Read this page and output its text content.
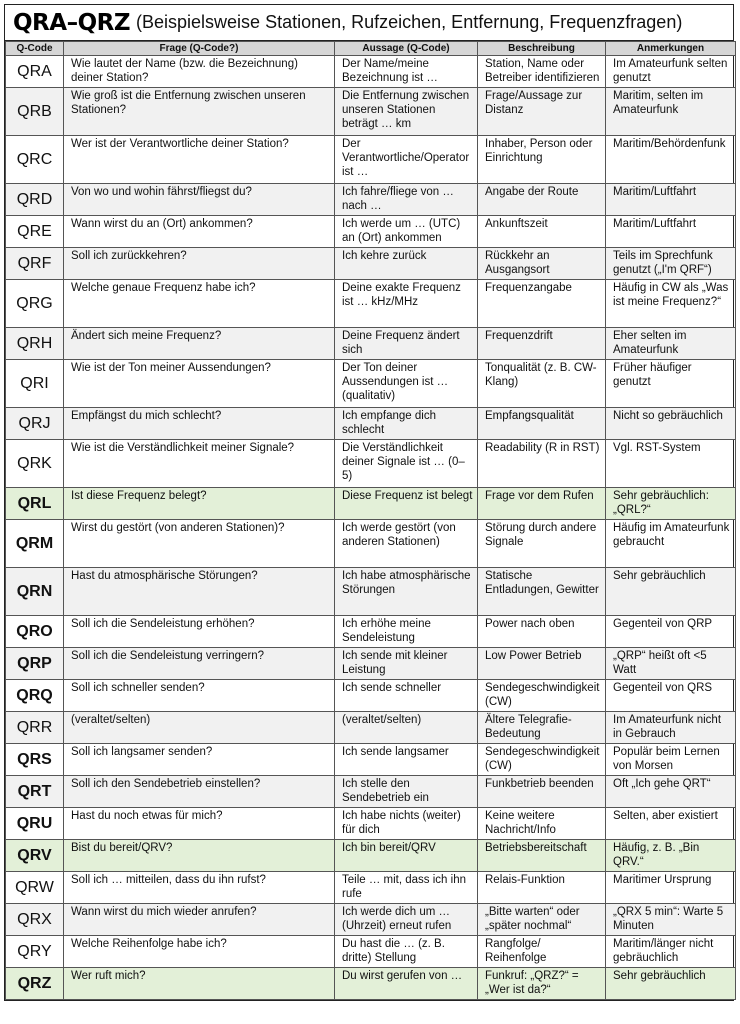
QRA–QRZ (Beispielsweise Stationen, Rufzeichen, Entfernung, Frequenzfragen)
Q-Code	Frage (Q-Code?)	Aussage (Q-Code)	Beschreibung	Anmerkungen
QRA	Wie lautet der Name (bzw. die Bezeichnung) deiner Station?	Der Name/meine Bezeichnung ist …	Station, Name oder Betreiber identifizieren	Im Amateurfunk selten genutzt
QRB	Wie groß ist die Entfernung zwischen unseren Stationen?	Die Entfernung zwischen unseren Stationen beträgt … km	Frage/Aussage zur Distanz	Maritim, selten im Amateurfunk
QRC	Wer ist der Verantwortliche deiner Station?	Der Verantwortliche/Operator ist …	Inhaber, Person oder Einrichtung	Maritim/Behördenfunk
QRD	Von wo und wohin fährst/fliegst du?	Ich fahre/fliege von … nach …	Angabe der Route	Maritim/Luftfahrt
QRE	Wann wirst du an (Ort) ankommen?	Ich werde um … (UTC) an (Ort) ankommen	Ankunftszeit	Maritim/Luftfahrt
QRF	Soll ich zurückkehren?	Ich kehre zurück	Rückkehr an Ausgangsort	Teils im Sprechfunk genutzt („I'm QRF“)
QRG	Welche genaue Frequenz habe ich?	Deine exakte Frequenz ist … kHz/MHz	Frequenzangabe	Häufig in CW als „Was ist meine Frequenz?“
QRH	Ändert sich meine Frequenz?	Deine Frequenz ändert sich	Frequenzdrift	Eher selten im Amateurfunk
QRI	Wie ist der Ton meiner Aussendungen?	Der Ton deiner Aussendungen ist … (qualitativ)	Tonqualität (z. B. CW-Klang)	Früher häufiger genutzt
QRJ	Empfängst du mich schlecht?	Ich empfange dich schlecht	Empfangsqualität	Nicht so gebräuchlich
QRK	Wie ist die Verständlichkeit meiner Signale?	Die Verständlichkeit deiner Signale ist … (0–5)	Readability (R in RST)	Vgl. RST-System
QRL	Ist diese Frequenz belegt?	Diese Frequenz ist belegt	Frage vor dem Rufen	Sehr gebräuchlich: „QRL?“
QRM	Wirst du gestört (von anderen Stationen)?	Ich werde gestört (von anderen Stationen)	Störung durch andere Signale	Häufig im Amateurfunk gebraucht
QRN	Hast du atmosphärische Störungen?	Ich habe atmosphärische Störungen	Statische Entladungen, Gewitter	Sehr gebräuchlich
QRO	Soll ich die Sendeleistung erhöhen?	Ich erhöhe meine Sendeleistung	Power nach oben	Gegenteil von QRP
QRP	Soll ich die Sendeleistung verringern?	Ich sende mit kleiner Leistung	Low Power Betrieb	„QRP“ heißt oft <5 Watt
QRQ	Soll ich schneller senden?	Ich sende schneller	Sendegeschwindigkeit (CW)	Gegenteil von QRS
QRR	(veraltet/selten)	(veraltet/selten)	Ältere Telegrafie-Bedeutung	Im Amateurfunk nicht in Gebrauch
QRS	Soll ich langsamer senden?	Ich sende langsamer	Sendegeschwindigkeit (CW)	Populär beim Lernen von Morsen
QRT	Soll ich den Sendebetrieb einstellen?	Ich stelle den Sendebetrieb ein	Funkbetrieb beenden	Oft „Ich gehe QRT“
QRU	Hast du noch etwas für mich?	Ich habe nichts (weiter) für dich	Keine weitere Nachricht/Info	Selten, aber existiert
QRV	Bist du bereit/QRV?	Ich bin bereit/QRV	Betriebsbereitschaft	Häufig, z. B. „Bin QRV.“
QRW	Soll ich … mitteilen, dass du ihn rufst?	Teile … mit, dass ich ihn rufe	Relais-Funktion	Maritimer Ursprung
QRX	Wann wirst du mich wieder anrufen?	Ich werde dich um … (Uhrzeit) erneut rufen	„Bitte warten“ oder „später nochmal“	„QRX 5 min“: Warte 5 Minuten
QRY	Welche Reihenfolge habe ich?	Du hast die … (z. B. dritte) Stellung	Rangfolge/ Reihenfolge	Maritim/länger nicht gebräuchlich
QRZ	Wer ruft mich?	Du wirst gerufen von …	Funkruf: „QRZ?“ = „Wer ist da?“	Sehr gebräuchlich
